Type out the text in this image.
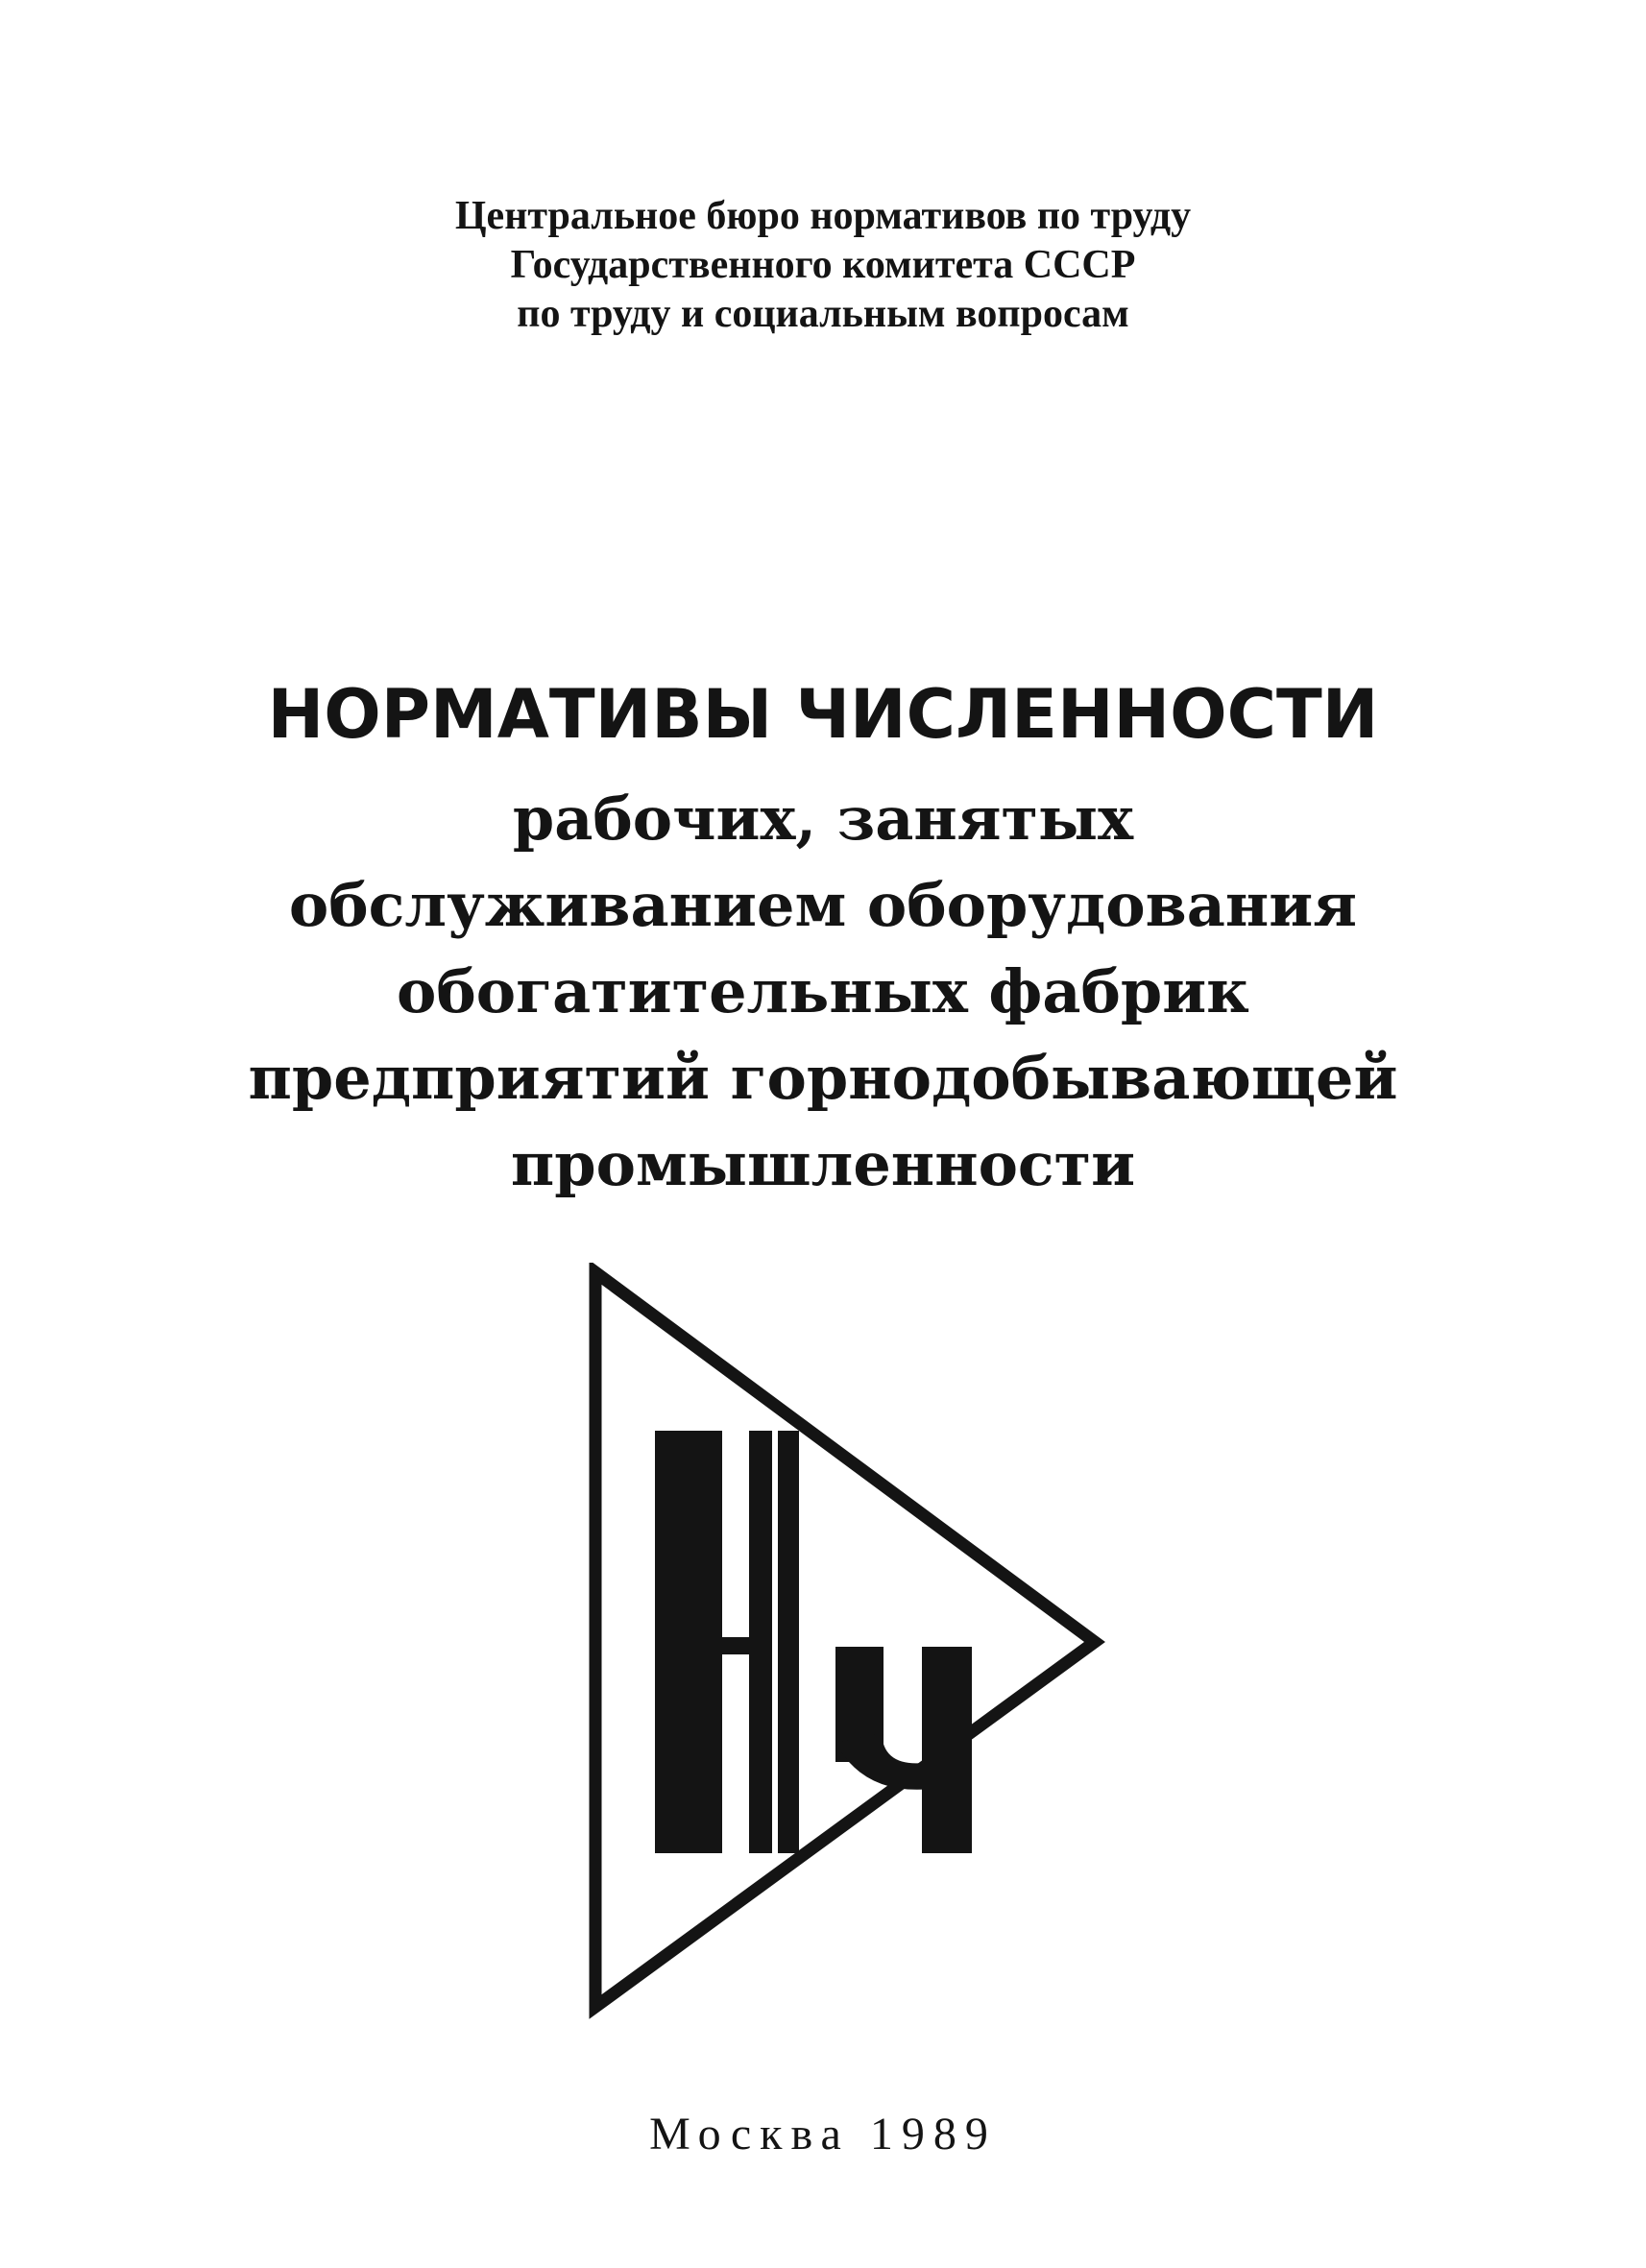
Центральное бюро нормативов по труду
Государственного комитета СССР
по труду и социальным вопросам
НОРМАТИВЫ ЧИСЛЕННОСТИ
рабочих, занятых
обслуживанием оборудования
обогатительных фабрик
предприятий горнодобывающей
промышленности
Москва 1989
